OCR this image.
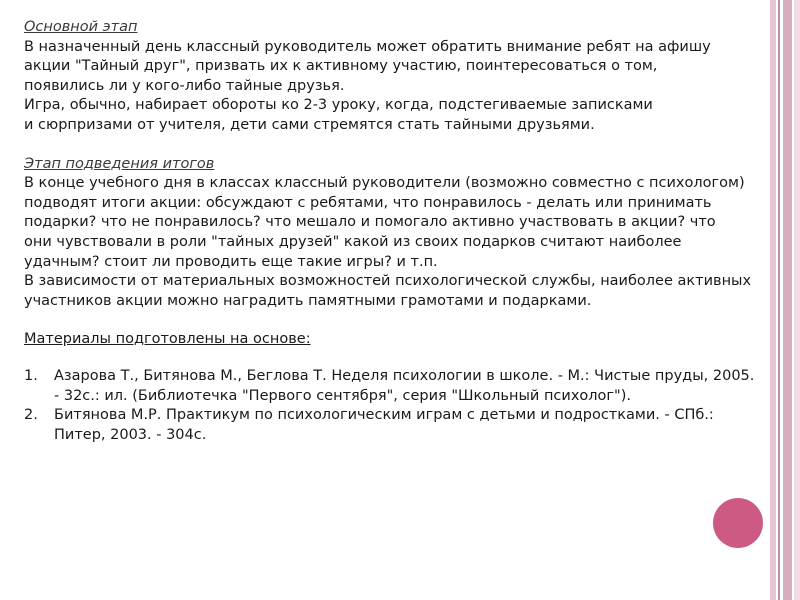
Основной этап

В назначенный день классный руководитель может обратить внимание ребят на афишу

акции "Тайный друг", призвать их к активному участию, поинтересоваться о том,

появились ли у кого-либо тайные друзья.

Игра, обычно, набирает обороты ко 2-3 уроку, когда, подстегиваемые записками

и сюрпризами от учителя, дети сами стремятся стать тайными друзьями.

Этап подведения итогов

В конце учебного дня в классах классный руководители (возможно совместно с психологом)

подводят итоги акции: обсуждают с ребятами, что понравилось - делать или принимать

подарки? что не понравилось? что мешало и помогало активно участвовать в акции? что

они чувствовали в роли "тайных друзей" какой из своих подарков считают наиболее

удачным? стоит ли проводить еще такие игры? и т.п.

В зависимости от материальных возможностей психологической службы, наиболее активных

участников акции можно наградить памятными грамотами и подарками.

Материалы подготовлены на основе:

1. Азарова Т., Битянова М., Беглова Т. Неделя психологии в школе. - М.: Чистые пруды, 2005.

- 32с.: ил. (Библиотечка "Первого сентября", серия "Школьный психолог").

2. Битянова М.Р. Практикум по психологическим играм с детьми и подростками. - СПб.:

Питер, 2003. - 304с.
